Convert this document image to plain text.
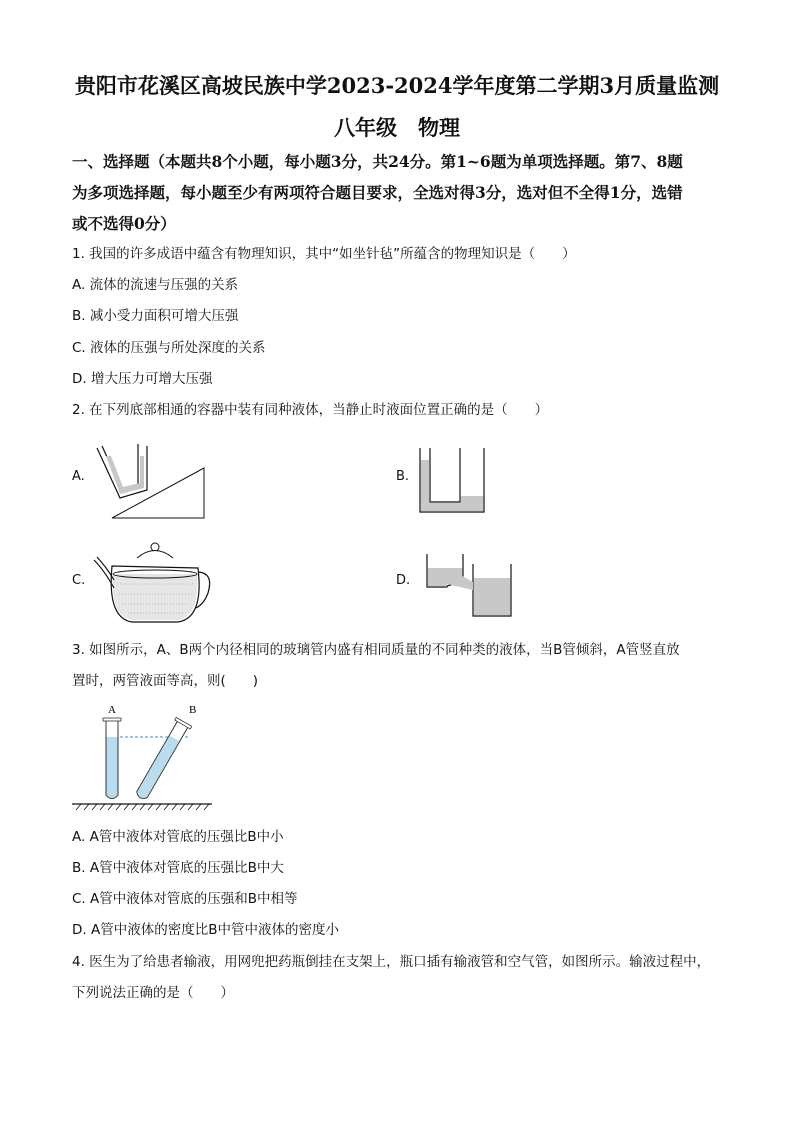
贵阳市花溪区高坡民族中学2023-2024学年度第二学期3月质量监测
八年级　物理
一、选择题（本题共8个小题，每小题3分，共24分。第1~6题为单项选择题。第7、8题
为多项选择题，每小题至少有两项符合题目要求，全选对得3分，选对但不全得1分，选错
或不选得0分）
1. 我国的许多成语中蕴含有物理知识，其中“如坐针毡”所蕴含的物理知识是（　　）
A. 流体的流速与压强的关系
B. 减小受力面积可增大压强
C. 液体的压强与所处深度的关系
D. 增大压力可增大压强
2. 在下列底部相通的容器中装有同种液体，当静止时液面位置正确的是（　　）
A.	B.
C.	D.
3. 如图所示，A、B两个内径相同的玻璃管内盛有相同质量的不同种类的液体，当B管倾斜，A管竖直放
置时，两管液面等高，则(　　)
A	B
A. A管中液体对管底的压强比B中小
B. A管中液体对管底的压强比B中大
C. A管中液体对管底的压强和B中相等
D. A管中液体的密度比B中管中液体的密度小
4. 医生为了给患者输液，用网兜把药瓶倒挂在支架上，瓶口插有输液管和空气管，如图所示。输液过程中，
下列说法正确的是（　　）
